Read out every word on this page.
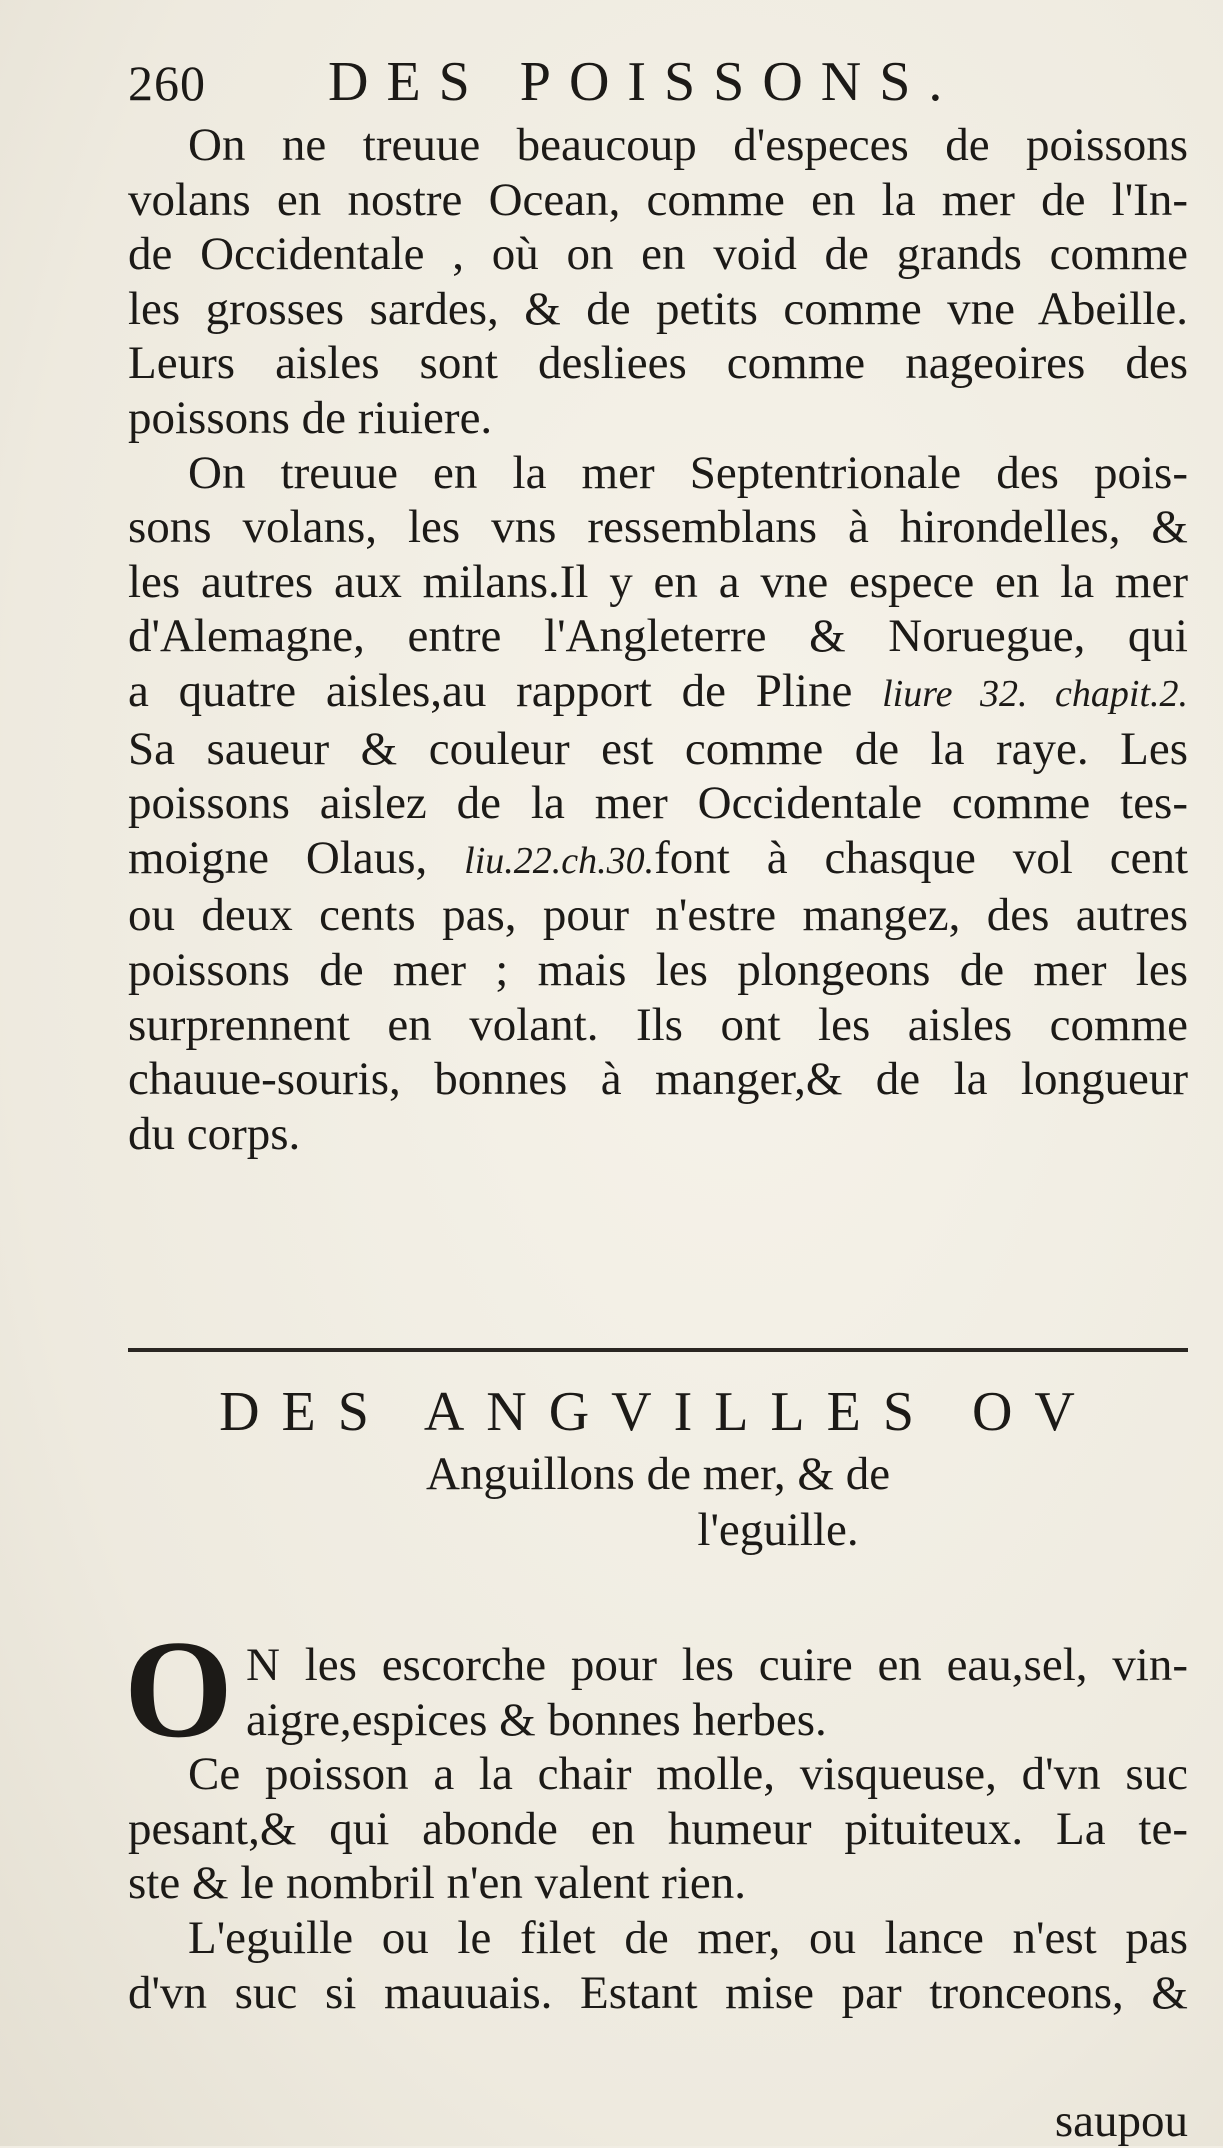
260 DES POISSONS.

On ne treuue beaucoup d'especes de poissons
volans en nostre Ocean, comme en la mer de l'In-
de Occidentale , où on en void de grands comme
les grosses sardes, & de petits comme vne Abeille.
Leurs aisles sont desliees comme nageoires des
poissons de riuiere.

On treuue en la mer Septentrionale des pois-
sons volans, les vns ressemblans à hirondelles, &
les autres aux milans.Il y en a vne espece en la mer
d'Alemagne, entre l'Angleterre & Noruegue, qui
a quatre aisles,au rapport de Pline liure 32. chapit.2.
Sa saueur & couleur est comme de la raye. Les
poissons aislez de la mer Occidentale comme tes-
moigne Olaus, liu.22.ch.30.font à chasque vol cent
ou deux cents pas, pour n'estre mangez, des autres
poissons de mer ; mais les plongeons de mer les
surprennent en volant. Ils ont les aisles comme
chauue-souris, bonnes à manger,& de la longueur
du corps.

DES ANGVILLES OV
Anguillons de mer, & de
l'eguille.

O N les escorche pour les cuire en eau,sel, vin-
aigre,espices & bonnes herbes.

Ce poisson a la chair molle, visqueuse, d'vn suc
pesant,& qui abonde en humeur pituiteux. La te-
ste & le nombril n'en valent rien.

L'eguille ou le filet de mer, ou lance n'est pas
d'vn suc si mauuais. Estant mise par tronceons, &

saupou
